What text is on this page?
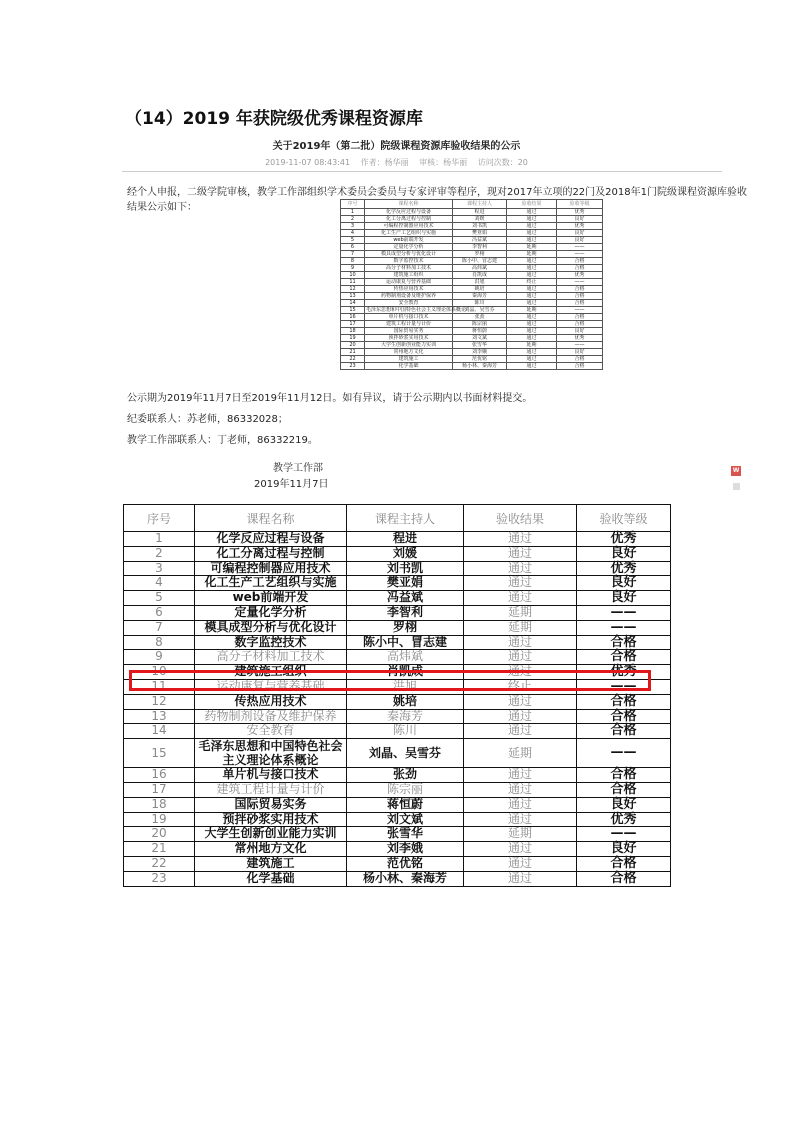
（14）2019 年获院级优秀课程资源库
关于2019年（第二批）院级课程资源库验收结果的公示
2019-11-07 08:43:41 作者：杨华丽 审核：杨华丽 访问次数：20
经个人申报，二级学院审核，教学工作部组织学术委员会委员与专家评审等程序，现对2017年立项的22门及2018年1门院级课程资源库验收结果公示如下：	序号	课程名称	课程主持人	验收结果	验收等级
1	化学反应过程与设备	程进	通过	优秀
2	化工分离过程与控制	刘媛	通过	良好
3	可编程控制器应用技术	刘书凯	通过	优秀
4	化工生产工艺组织与实施	樊亚娟	通过	良好
5	web前端开发	冯益斌	通过	良好
6	定量化学分析	李智利	延期	——
7	模具成型分析与优化设计	罗栩	延期	——
8	数字监控技术	陈小中、冒志建	通过	合格
9	高分子材料加工技术	高炜斌	通过	合格
10	建筑施工组织	肖凯成	通过	优秀
11	运动康复与营养基础	洪旭	终止	——
12	传热应用技术	姚培	通过	合格
13	药物制剂设备及维护保养	秦海芳	通过	合格
14	安全教育	陈川	通过	合格
15	毛泽东思想和中国特色社会主义理论体系概论	刘晶、吴雪芬	延期	——
16	单片机与接口技术	张劲	通过	合格
17	建筑工程计量与计价	陈宗丽	通过	合格
18	国际贸易实务	蒋恒蔚	通过	良好
19	预拌砂浆实用技术	刘文斌	通过	优秀
20	大学生创新创业能力实训	张雪华	延期	——
21	常州地方文化	刘李娥	通过	良好
22	建筑施工	范优铭	通过	合格
23	化学基础	杨小林、秦海芳	通过	合格
公示期为2019年11月7日至2019年11月12日。如有异议，请于公示期内以书面材料提交。
纪委联系人：苏老师，86332028；
教学工作部联系人：丁老师，86332219。
教学工作部
2019年11月7日
W
序号	课程名称	课程主持人	验收结果	验收等级
1	化学反应过程与设备	程进	通过	优秀
2	化工分离过程与控制	刘媛	通过	良好
3	可编程控制器应用技术	刘书凯	通过	优秀
4	化工生产工艺组织与实施	樊亚娟	通过	良好
5	web前端开发	冯益斌	通过	良好
6	定量化学分析	李智利	延期	——
7	模具成型分析与优化设计	罗栩	延期	——
8	数字监控技术	陈小中、冒志建	通过	合格
9	高分子材料加工技术	高炜斌	通过	合格
10	建筑施工组织	肖凯成	通过	优秀
11	运动康复与营养基础	洪旭	终止	——
12	传热应用技术	姚培	通过	合格
13	药物制剂设备及维护保养	秦海芳	通过	合格
14	安全教育	陈川	通过	合格
15	毛泽东思想和中国特色社会主义理论体系概论	刘晶、吴雪芬	延期	——
16	单片机与接口技术	张劲	通过	合格
17	建筑工程计量与计价	陈宗丽	通过	合格
18	国际贸易实务	蒋恒蔚	通过	良好
19	预拌砂浆实用技术	刘文斌	通过	优秀
20	大学生创新创业能力实训	张雪华	延期	——
21	常州地方文化	刘李娥	通过	良好
22	建筑施工	范优铭	通过	合格
23	化学基础	杨小林、秦海芳	通过	合格
